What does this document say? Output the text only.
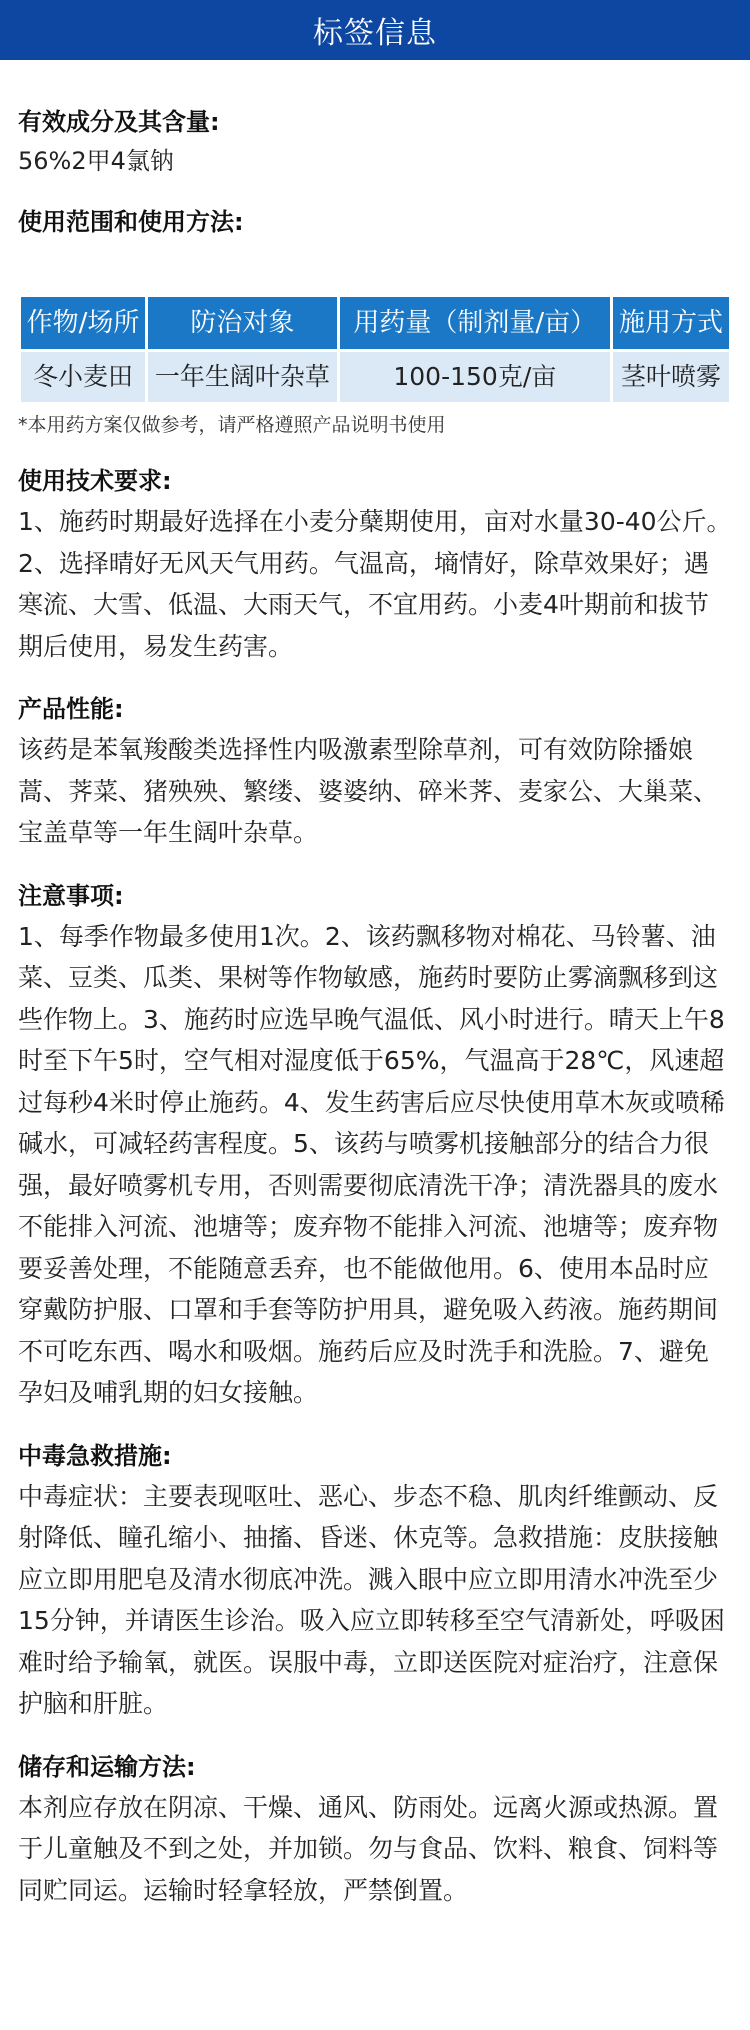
标签信息
有效成分及其含量:
56%2甲4氯钠
使用范围和使用方法:
作物/场所	防治对象	用药量（制剂量/亩）	施用方式
冬小麦田	一年生阔叶杂草	100-150克/亩	茎叶喷雾
*本用药方案仅做参考，请严格遵照产品说明书使用
使用技术要求:
1、施药时期最好选择在小麦分蘖期使用，亩对水量30-40公斤。2、选择晴好无风天气用药。气温高，墒情好，除草效果好；遇寒流、大雪、低温、大雨天气，不宜用药。小麦4叶期前和拔节期后使用，易发生药害。
产品性能:
该药是苯氧羧酸类选择性内吸激素型除草剂，可有效防除播娘蒿、荠菜、猪殃殃、繁缕、婆婆纳、碎米荠、麦家公、大巢菜、宝盖草等一年生阔叶杂草。
注意事项:
1、每季作物最多使用1次。2、该药飘移物对棉花、马铃薯、油菜、豆类、瓜类、果树等作物敏感，施药时要防止雾滴飘移到这些作物上。3、施药时应选早晚气温低、风小时进行。晴天上午8时至下午5时，空气相对湿度低于65%，气温高于28℃，风速超过每秒4米时停止施药。4、发生药害后应尽快使用草木灰或喷稀碱水，可减轻药害程度。5、该药与喷雾机接触部分的结合力很强，最好喷雾机专用，否则需要彻底清洗干净；清洗器具的废水不能排入河流、池塘等；废弃物不能排入河流、池塘等；废弃物要妥善处理，不能随意丢弃，也不能做他用。6、使用本品时应穿戴防护服、口罩和手套等防护用具，避免吸入药液。施药期间不可吃东西、喝水和吸烟。施药后应及时洗手和洗脸。7、避免孕妇及哺乳期的妇女接触。
中毒急救措施:
中毒症状：主要表现呕吐、恶心、步态不稳、肌肉纤维颤动、反射降低、瞳孔缩小、抽搐、昏迷、休克等。急救措施：皮肤接触应立即用肥皂及清水彻底冲洗。溅入眼中应立即用清水冲洗至少15分钟，并请医生诊治。吸入应立即转移至空气清新处，呼吸困难时给予输氧，就医。误服中毒，立即送医院对症治疗，注意保护脑和肝脏。
储存和运输方法:
本剂应存放在阴凉、干燥、通风、防雨处。远离火源或热源。置于儿童触及不到之处，并加锁。勿与食品、饮料、粮食、饲料等同贮同运。运输时轻拿轻放，严禁倒置。
